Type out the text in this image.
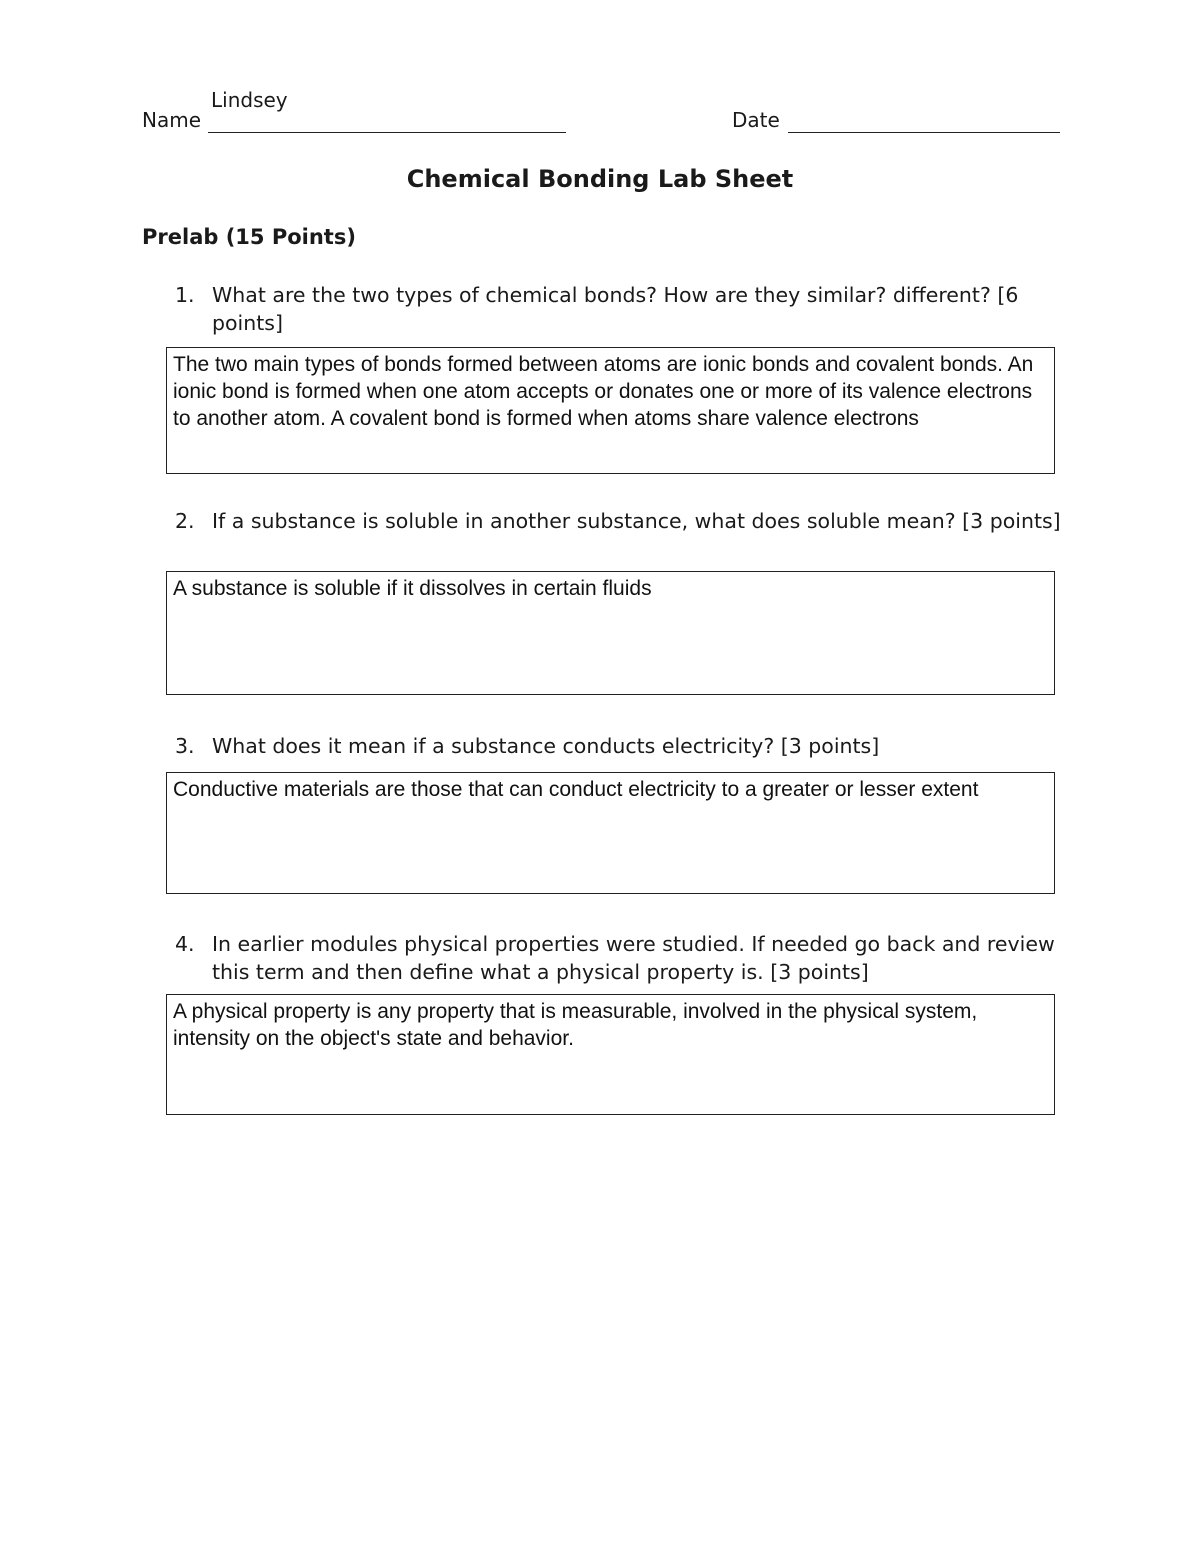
Name
Lindsey
Date
Chemical Bonding Lab Sheet
Prelab (15 Points)
1. What are the two types of chemical bonds? How are they similar? different? [6 points]
The two main types of bonds formed between atoms are ionic bonds and covalent bonds. An ionic bond is formed when one atom accepts or donates one or more of its valence electrons to another atom. A covalent bond is formed when atoms share valence electrons
2. If a substance is soluble in another substance, what does soluble mean? [3 points]
A substance is soluble if it dissolves in certain fluids
3. What does it mean if a substance conducts electricity? [3 points]
Conductive materials are those that can conduct electricity to a greater or lesser extent
4. In earlier modules physical properties were studied. If needed go back and review this term and then define what a physical property is. [3 points]
A physical property is any property that is measurable, involved in the physical system, intensity on the object's state and behavior.
